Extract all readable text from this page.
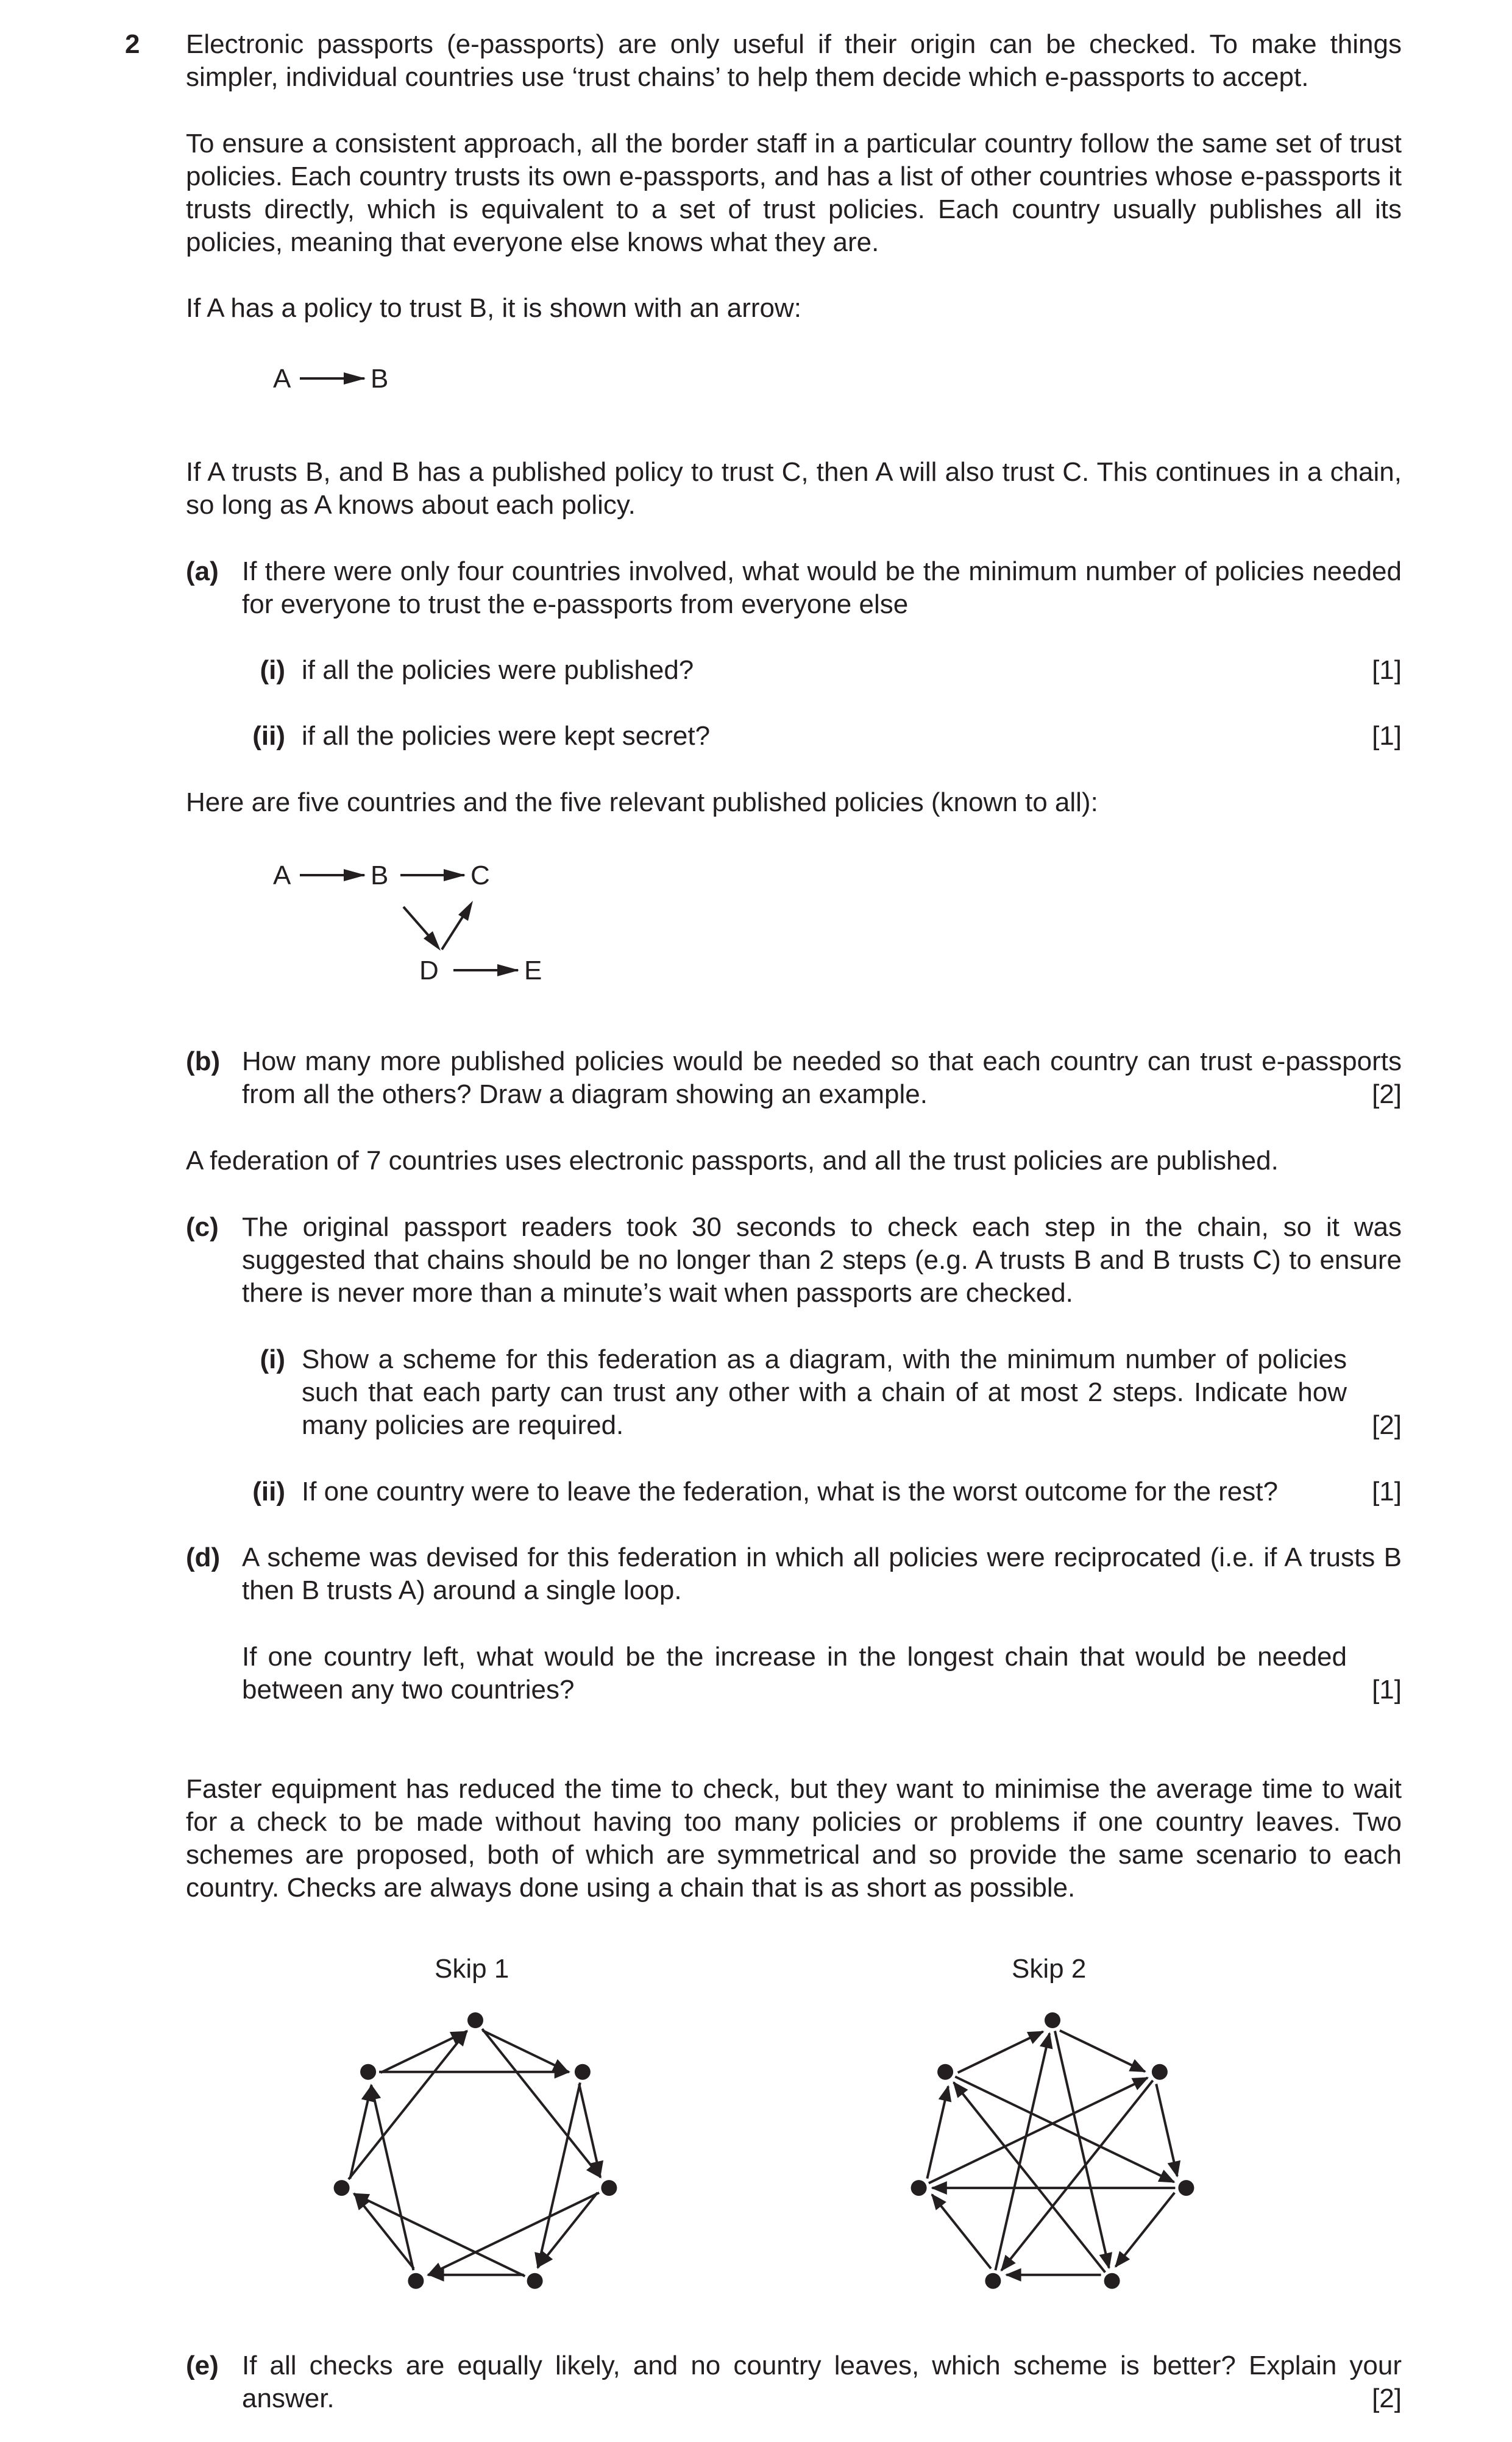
2 Electronic passports (e-passports) are only useful if their origin can be checked. To make things simpler, individual countries use ‘trust chains’ to help them decide which e-passports to accept.
To ensure a consistent approach, all the border staff in a particular country follow the same set of trust policies. Each country trusts its own e-passports, and has a list of other countries whose e-passports it trusts directly, which is equivalent to a set of trust policies. Each country usually publishes all its policies, meaning that everyone else knows what they are.
If A has a policy to trust B, it is shown with an arrow:
A	B
If A trusts B, and B has a published policy to trust C, then A will also trust C. This continues in a chain, so long as A knows about each policy.
(a) If there were only four countries involved, what would be the minimum number of policies needed for everyone to trust the e-passports from everyone else
(i) if all the policies were published?	[1]
(ii) if all the policies were kept secret?	[1]
Here are five countries and the five relevant published policies (known to all):
A	B	C
D	E
(b) How many more published policies would be needed so that each country can trust e-passports from all the others? Draw a diagram showing an example.	[2]
A federation of 7 countries uses electronic passports, and all the trust policies are published.
(c) The original passport readers took 30 seconds to check each step in the chain, so it was suggested that chains should be no longer than 2 steps (e.g. A trusts B and B trusts C) to ensure there is never more than a minute’s wait when passports are checked.
(i) Show a scheme for this federation as a diagram, with the minimum number of policies such that each party can trust any other with a chain of at most 2 steps. Indicate how many policies are required.	[2]
(ii) If one country were to leave the federation, what is the worst outcome for the rest?	[1]
(d) A scheme was devised for this federation in which all policies were reciprocated (i.e. if A trusts B then B trusts A) around a single loop.
If one country left, what would be the increase in the longest chain that would be needed between any two countries?	[1]
Faster equipment has reduced the time to check, but they want to minimise the average time to wait for a check to be made without having too many policies or problems if one country leaves. Two schemes are proposed, both of which are symmetrical and so provide the same scenario to each country. Checks are always done using a chain that is as short as possible.
Skip 1	Skip 2
(e) If all checks are equally likely, and no country leaves, which scheme is better? Explain your answer.	[2]
